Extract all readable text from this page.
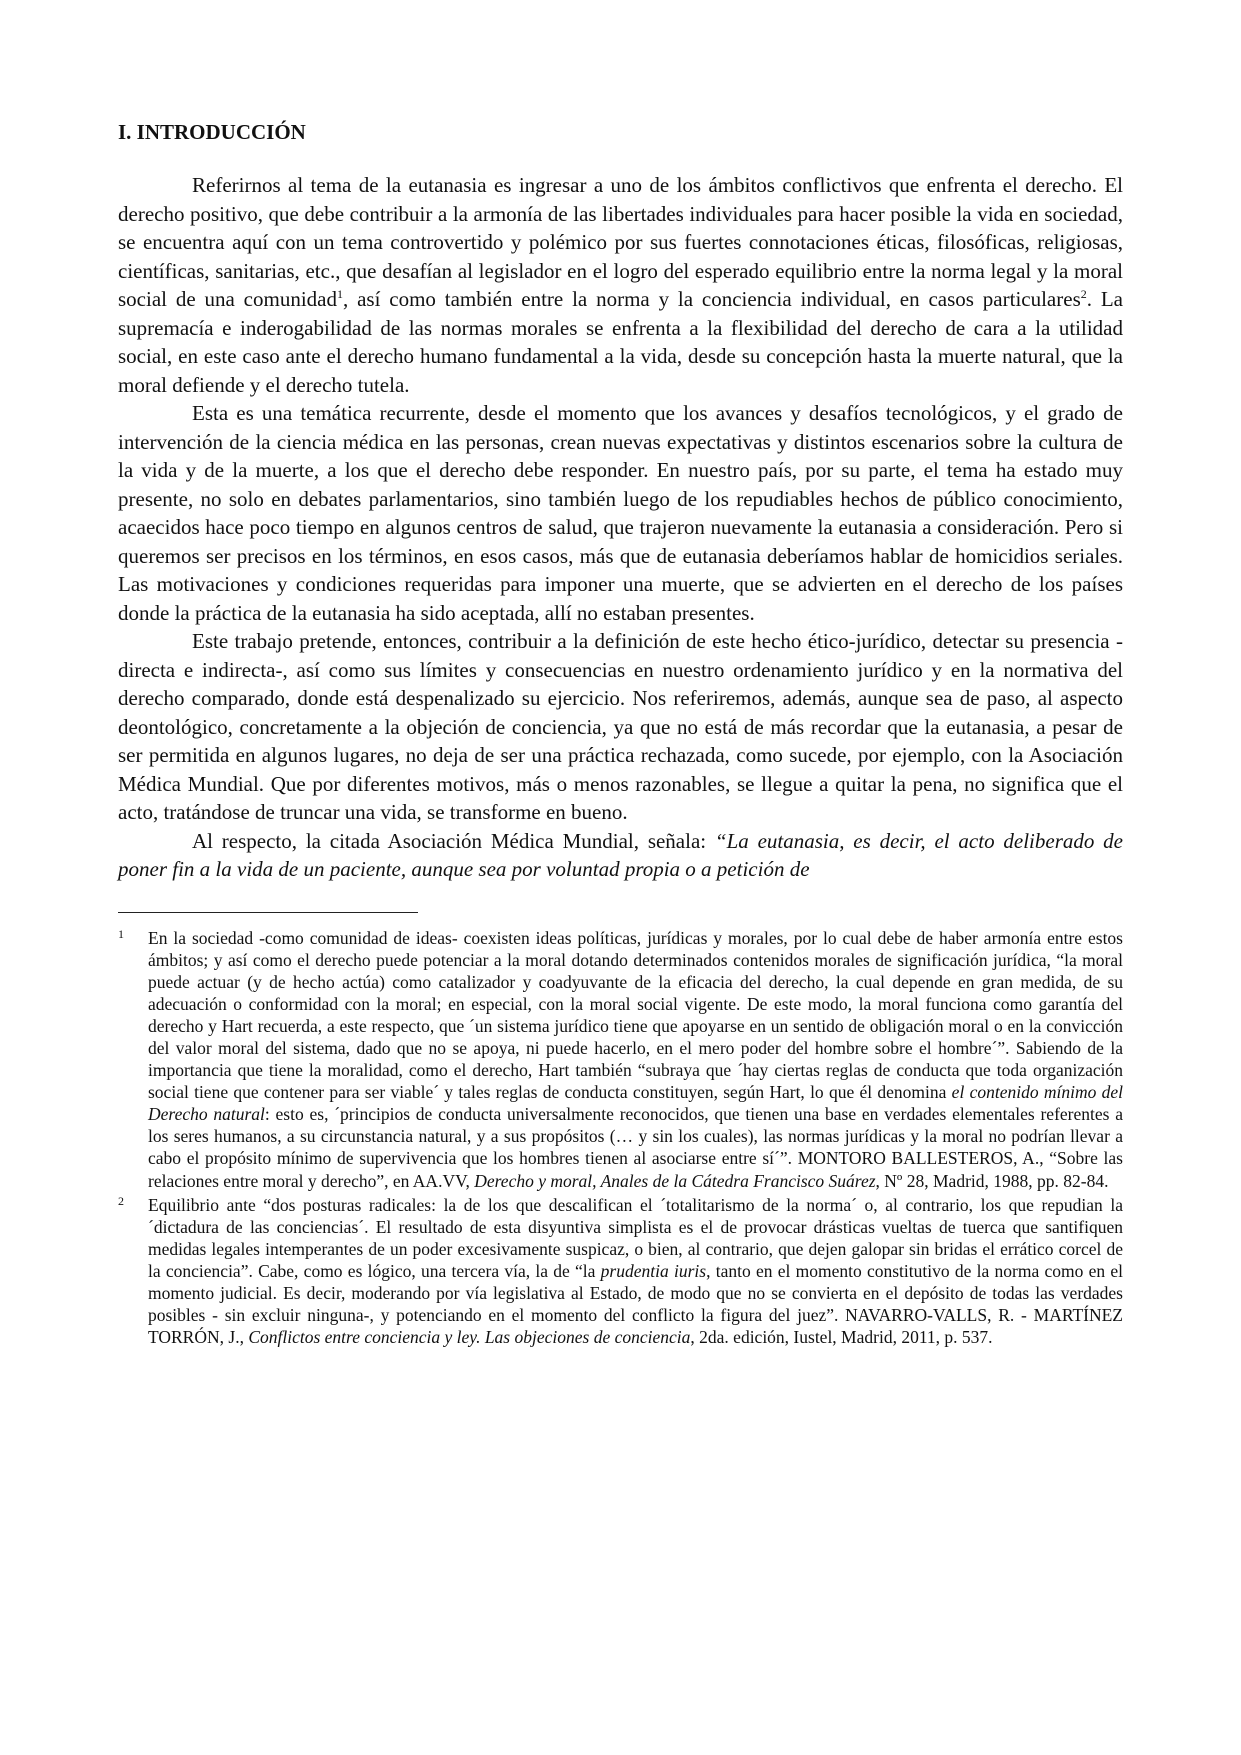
I. INTRODUCCIÓN

Referirnos al tema de la eutanasia es ingresar a uno de los ámbitos conflictivos que enfrenta el derecho. El derecho positivo, que debe contribuir a la armonía de las libertades individuales para hacer posible la vida en sociedad, se encuentra aquí con un tema controvertido y polémico por sus fuertes connotaciones éticas, filosóficas, religiosas, científicas, sanitarias, etc., que desafían al legislador en el logro del esperado equilibrio entre la norma legal y la moral social de una comunidad$^1$, así como también entre la norma y la conciencia individual, en casos particulares$^2$. La supremacía e inderogabilidad de las normas morales se enfrenta a la flexibilidad del derecho de cara a la utilidad social, en este caso ante el derecho humano fundamental a la vida, desde su concepción hasta la muerte natural, que la moral defiende y el derecho tutela.

Esta es una temática recurrente, desde el momento que los avances y desafíos tecnológicos, y el grado de intervención de la ciencia médica en las personas, crean nuevas expectativas y distintos escenarios sobre la cultura de la vida y de la muerte, a los que el derecho debe responder. En nuestro país, por su parte, el tema ha estado muy presente, no solo en debates parlamentarios, sino también luego de los repudiables hechos de público conocimiento, acaecidos hace poco tiempo en algunos centros de salud, que trajeron nuevamente la eutanasia a consideración. Pero si queremos ser precisos en los términos, en esos casos, más que de eutanasia deberíamos hablar de homicidios seriales. Las motivaciones y condiciones requeridas para imponer una muerte, que se advierten en el derecho de los países donde la práctica de la eutanasia ha sido aceptada, allí no estaban presentes.

Este trabajo pretende, entonces, contribuir a la definición de este hecho ético-jurídico, detectar su presencia -directa e indirecta-, así como sus límites y consecuencias en nuestro ordenamiento jurídico y en la normativa del derecho comparado, donde está despenalizado su ejercicio. Nos referiremos, además, aunque sea de paso, al aspecto deontológico, concretamente a la objeción de conciencia, ya que no está de más recordar que la eutanasia, a pesar de ser permitida en algunos lugares, no deja de ser una práctica rechazada, como sucede, por ejemplo, con la Asociación Médica Mundial. Que por diferentes motivos, más o menos razonables, se llegue a quitar la pena, no significa que el acto, tratándose de truncar una vida, se transforme en bueno.

Al respecto, la citada Asociación Médica Mundial, señala: “La eutanasia, es decir, el acto deliberado de poner fin a la vida de un paciente, aunque sea por voluntad propia o a petición de

1 En la sociedad -como comunidad de ideas- coexisten ideas políticas, jurídicas y morales, por lo cual debe de haber armonía entre estos ámbitos; y así como el derecho puede potenciar a la moral dotando determinados contenidos morales de significación jurídica, “la moral puede actuar (y de hecho actúa) como catalizador y coadyuvante de la eficacia del derecho, la cual depende en gran medida, de su adecuación o conformidad con la moral; en especial, con la moral social vigente. De este modo, la moral funciona como garantía del derecho y Hart recuerda, a este respecto, que ´un sistema jurídico tiene que apoyarse en un sentido de obligación moral o en la convicción del valor moral del sistema, dado que no se apoya, ni puede hacerlo, en el mero poder del hombre sobre el hombre´”. Sabiendo de la importancia que tiene la moralidad, como el derecho, Hart también “subraya que ´hay ciertas reglas de conducta que toda organización social tiene que contener para ser viable´ y tales reglas de conducta constituyen, según Hart, lo que él denomina el contenido mínimo del Derecho natural: esto es, ´principios de conducta universalmente reconocidos, que tienen una base en verdades elementales referentes a los seres humanos, a su circunstancia natural, y a sus propósitos (… y sin los cuales), las normas jurídicas y la moral no podrían llevar a cabo el propósito mínimo de supervivencia que los hombres tienen al asociarse entre sí´”. MONTORO BALLESTEROS, A., “Sobre las relaciones entre moral y derecho”, en AA.VV, Derecho y moral, Anales de la Cátedra Francisco Suárez, Nº 28, Madrid, 1988, pp. 82-84.
2 Equilibrio ante “dos posturas radicales: la de los que descalifican el ´totalitarismo de la norma´ o, al contrario, los que repudian la ´dictadura de las conciencias´. El resultado de esta disyuntiva simplista es el de provocar drásticas vueltas de tuerca que santifiquen medidas legales intemperantes de un poder excesivamente suspicaz, o bien, al contrario, que dejen galopar sin bridas el errático corcel de la conciencia”. Cabe, como es lógico, una tercera vía, la de “la prudentia iuris, tanto en el momento constitutivo de la norma como en el momento judicial. Es decir, moderando por vía legislativa al Estado, de modo que no se convierta en el depósito de todas las verdades posibles - sin excluir ninguna-, y potenciando en el momento del conflicto la figura del juez”. NAVARRO-VALLS, R. - MARTÍNEZ TORRÓN, J., Conflictos entre conciencia y ley. Las objeciones de conciencia, 2da. edición, Iustel, Madrid, 2011, p. 537.
